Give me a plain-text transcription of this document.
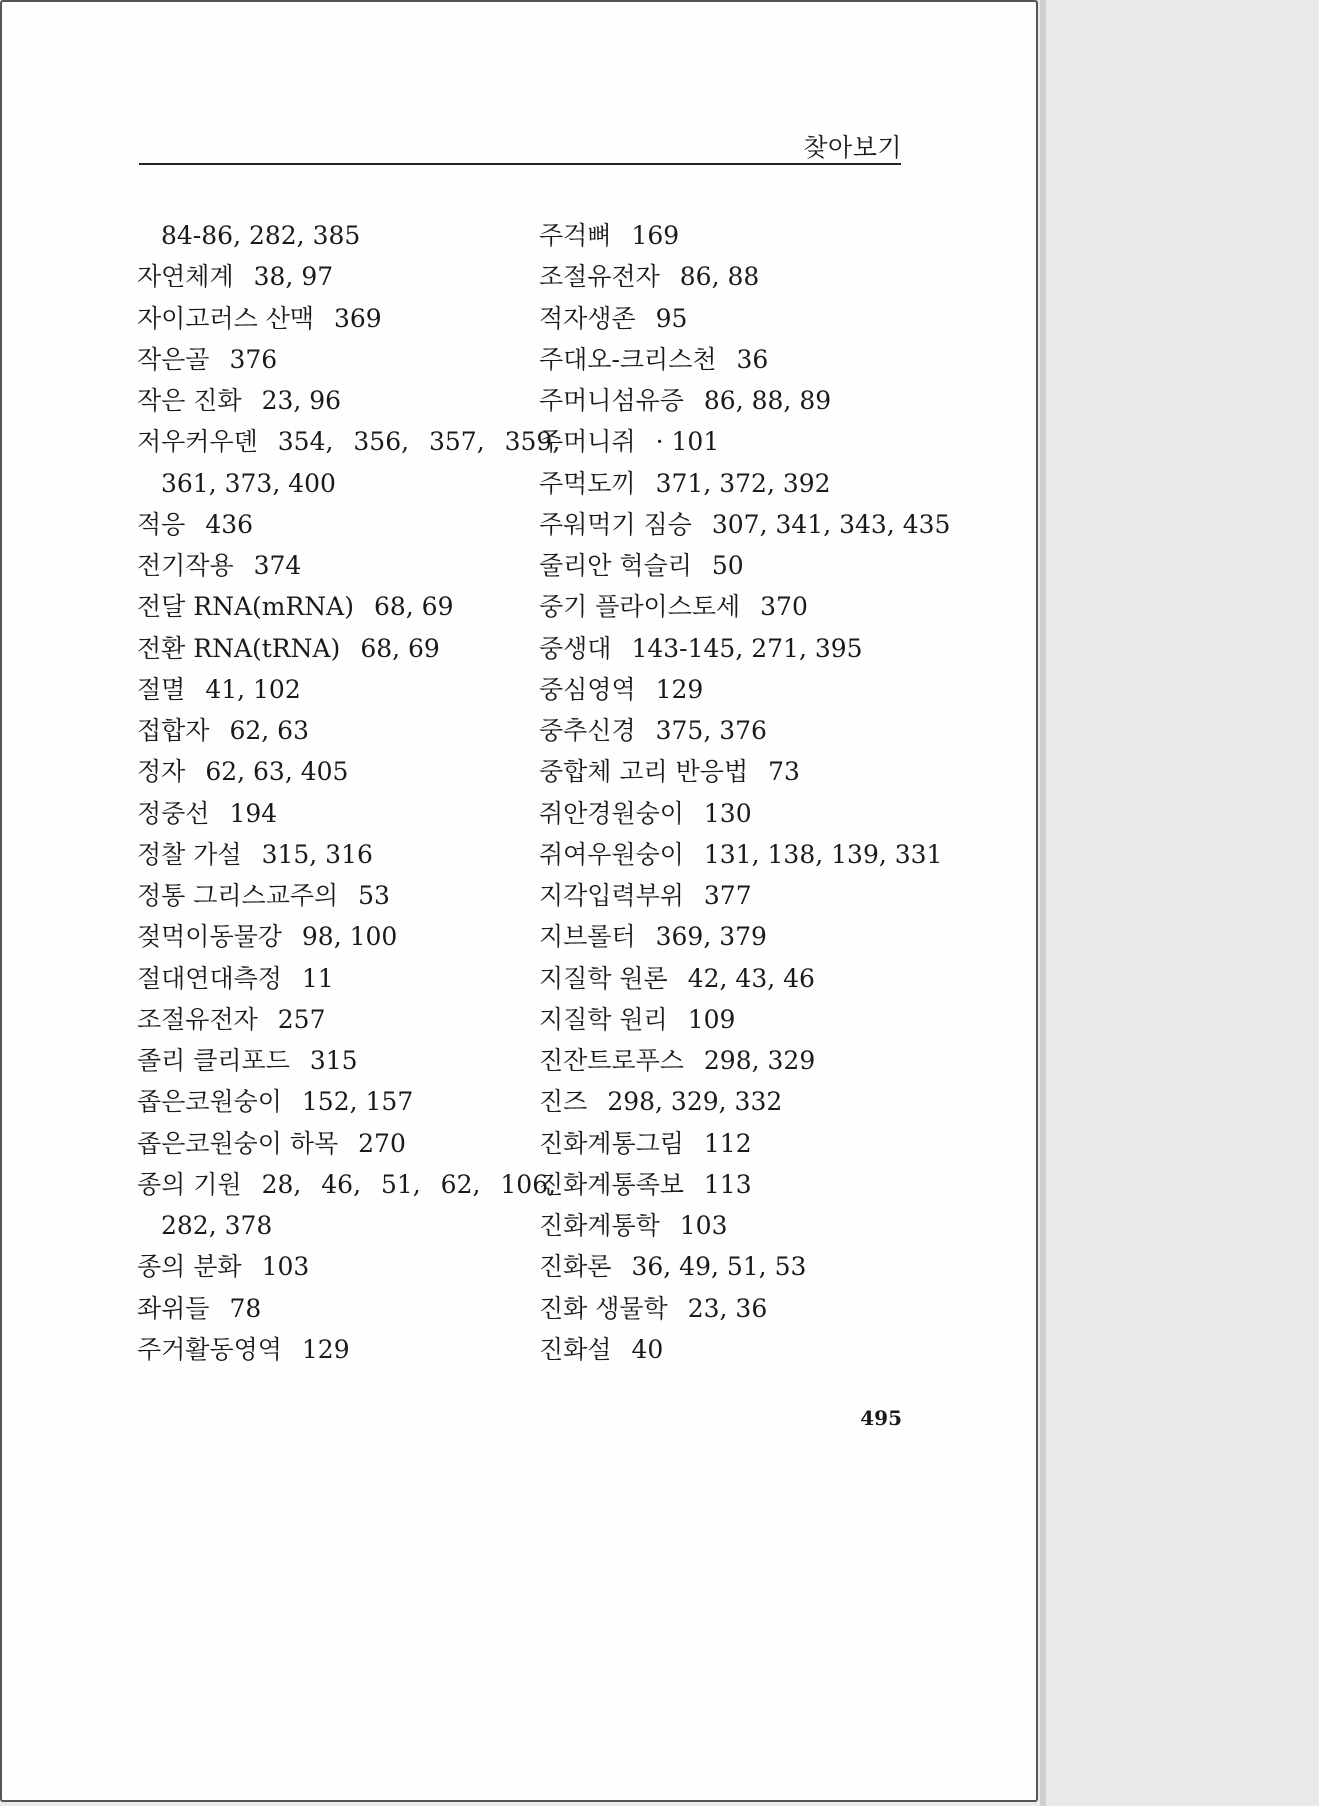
찾아보기
84-86, 282, 385
자연체계 38, 97
자이고러스 산맥 369
작은골 376
작은 진화 23, 96
저우커우뎬 354, 356, 357, 359,
361, 373, 400
적응 436
전기작용 374
전달 RNA(mRNA) 68, 69
전환 RNA(tRNA) 68, 69
절멸 41, 102
접합자 62, 63
정자 62, 63, 405
정중선 194
정찰 가설 315, 316
정통 그리스교주의 53
젖먹이동물강 98, 100
절대연대측정 11
조절유전자 257
졸리 클리포드 315
좁은코원숭이 152, 157
좁은코원숭이 하목 270
종의 기원 28, 46, 51, 62, 106,
282, 378
종의 분화 103
좌위들 78
주거활동영역 129
주걱뼈 169
조절유전자 86, 88
적자생존 95
주대오-크리스천 36
주머니섬유증 86, 88, 89
주머니쥐 · 101
주먹도끼 371, 372, 392
주워먹기 짐승 307, 341, 343, 435
줄리안 헉슬리 50
중기 플라이스토세 370
중생대 143-145, 271, 395
중심영역 129
중추신경 375, 376
중합체 고리 반응법 73
쥐안경원숭이 130
쥐여우원숭이 131, 138, 139, 331
지각입력부위 377
지브롤터 369, 379
지질학 원론 42, 43, 46
지질학 원리 109
진잔트로푸스 298, 329
진즈 298, 329, 332
진화계통그림 112
진화계통족보 113
진화계통학 103
진화론 36, 49, 51, 53
진화 생물학 23, 36
진화설 40
495
